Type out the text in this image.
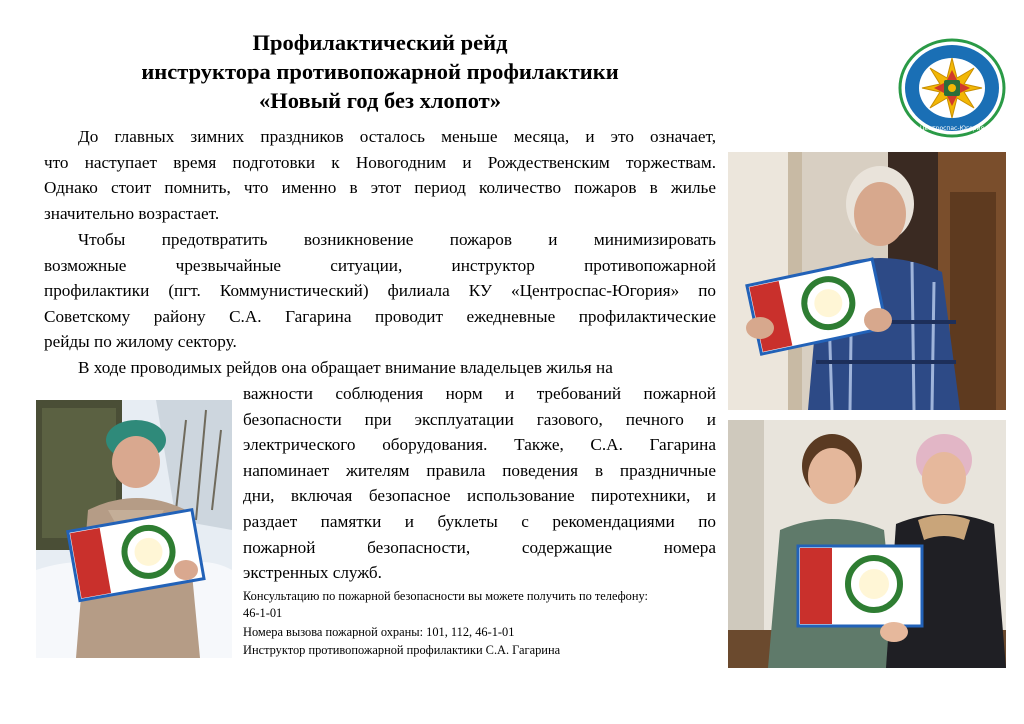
Профилактический рейд
инструктора противопожарной профилактики
«Новый год без хлопот»
«Центроспас-Югория»
До главных зимних праздников осталось меньше месяца, и это означает,
что наступает время подготовки к Новогодним и Рождественским торжествам.
Однако стоит помнить, что именно в этот период количество пожаров в жилье
значительно возрастает.
Чтобы предотвратить возникновение пожаров и минимизировать
возможные чрезвычайные ситуации, инструктор противопожарной
профилактики (пгт. Коммунистический) филиала КУ «Центроспас-Югория» по
Советскому району С.А. Гагарина проводит ежедневные профилактические
рейды по жилому сектору.
В ходе проводимых рейдов она обращает внимание владельцев жилья на
важности соблюдения норм и требований пожарной
безопасности при эксплуатации газового, печного и
электрического оборудования. Также, С.А. Гагарина
напоминает жителям правила поведения в праздничные
дни, включая безопасное использование пиротехники, и
раздает памятки и буклеты с рекомендациями по
пожарной безопасности, содержащие номера
экстренных служб.
Консультацию по пожарной безопасности вы можете получить по телефону:
46-1-01
Номера вызова пожарной охраны: 101, 112, 46-1-01
Инструктор противопожарной профилактики С.А. Гагарина
